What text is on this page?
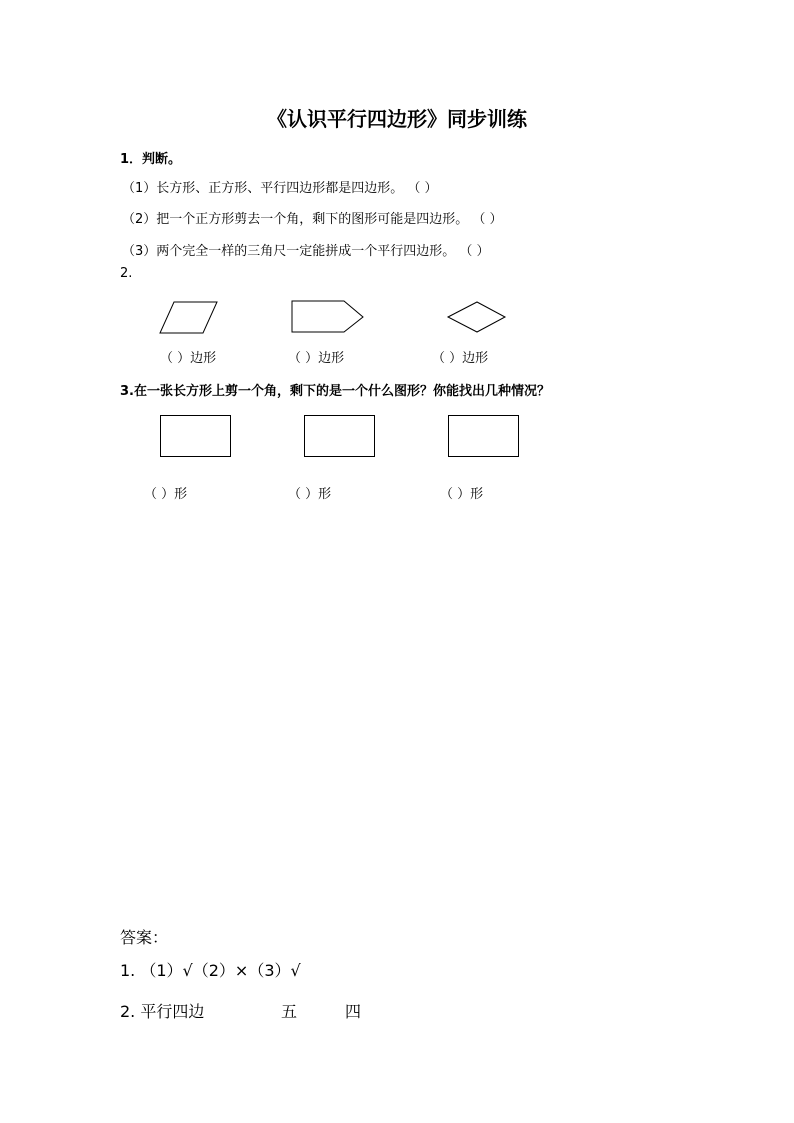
《认识平行四边形》同步训练
1．判断。
（1）长方形、正方形、平行四边形都是四边形。 （ ）
（2）把一个正方形剪去一个角，剩下的图形可能是四边形。 （ ）
（3）两个完全一样的三角尺一定能拼成一个平行四边形。 （ ）
2.
（ ）边形	（ ）边形	（ ）边形
3.在一张长方形上剪一个角，剩下的是一个什么图形？你能找出几种情况？
（ ）形	（ ）形	（ ）形
答案：
1. （1）√（2）×（3）√
2. 平行四边	五	四
